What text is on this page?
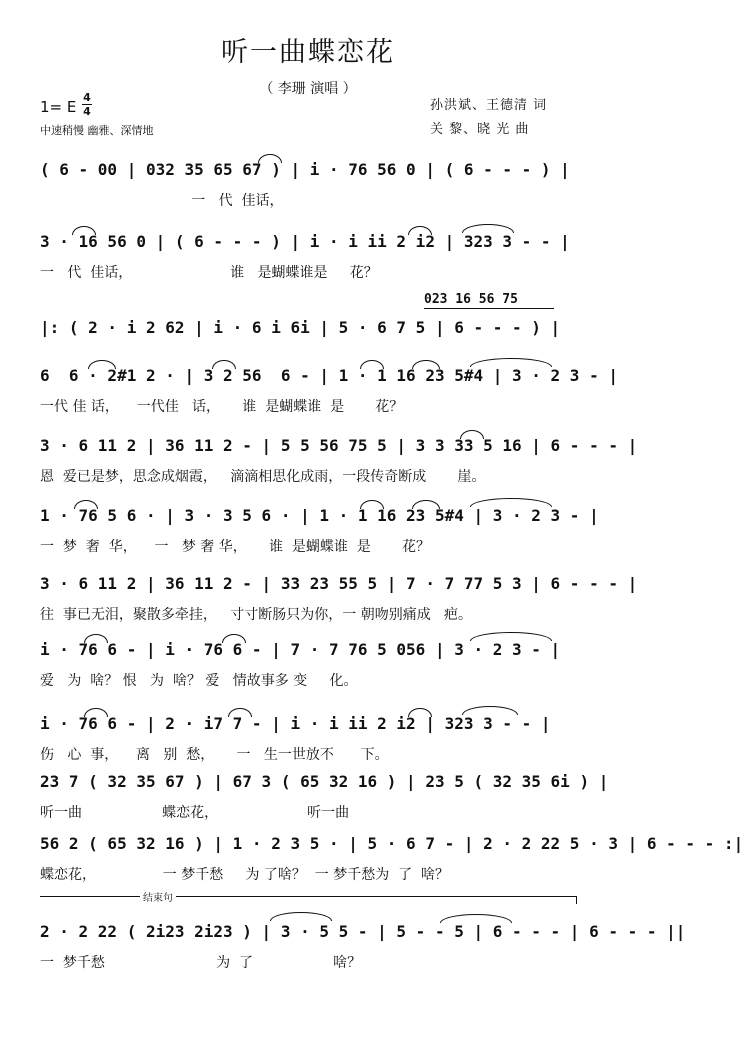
听一曲蝶恋花
（ 李珊 演唱 ）
1= E
4
4
中速稍慢 幽雅、深情地
孙洪斌、王德清 词
关 黎、晓 光 曲
( 6 - 00 | 032 35 65 67 ) | i · 76 56 0 | ( 6 - - - ) |
一   代  佳话，
3 · 16 56 0 | ( 6 - - - ) | i · i ii 2 i2 | 323 3 - - |
一   代  佳话，                      谁   是蝴蝶谁是     花？
023 16 56 75
|: ( 2 · i 2 62 | i · 6 i 6i | 5 · 6 7 5 | 6 - - - ) |
6  6 · 2#1 2 · | 3 2 56  6 - | 1 · 1 16 23 5#4 | 3 · 2 3 - |
一代 佳 话，    一代佳   话，     谁  是蝴蝶谁  是       花？
3 · 6 11 2 | 36 11 2 - | 5 5 56 75 5 | 3 3 33 5 16 | 6 - - - |
恩  爱已是梦，思念成烟霞，   滴滴相思化成雨，一段传奇断成       崖。
1 · 76 5 6 · | 3 · 3 5 6 · | 1 · 1 16 23 5#4 | 3 · 2 3 - |
一  梦  奢  华，    一   梦 奢 华，     谁  是蝴蝶谁  是       花？
3 · 6 11 2 | 36 11 2 - | 33 23 55 5 | 7 · 7 77 5 3 | 6 - - - |
往  事已无泪，聚散多牵挂，   寸寸断肠只为你，一 朝吻别痛成   疤。
i · 76 6 - | i · 76 6 - | 7 · 7 76 5 056 | 3 · 2 3 - |
爱   为  啥？ 恨   为  啥？ 爱   情故事多 变     化。
i · 76 6 - | 2 · i7 7 - | i · i ii 2 i2 | 323 3 - - |
伤   心  事，    离   别  愁，     一   生一世放不      下。
23 7 ( 32 35 67 ) | 67 3 ( 65 32 16 ) | 23 5 ( 32 35 6i ) |
听一曲                  蝶恋花，                    听一曲
56 2 ( 65 32 16 ) | 1 · 2 3 5 · | 5 · 6 7 - | 2 · 2 22 5 · 3 | 6 - - - :|
蝶恋花，               一 梦千愁     为 了啥？  一 梦千愁为  了  啥？
结束句
2 · 2 22 ( 2i23 2i23 ) | 3 · 5 5 - | 5 - - 5 | 6 - - - | 6 - - - ||
一  梦千愁                         为  了                  啥？
